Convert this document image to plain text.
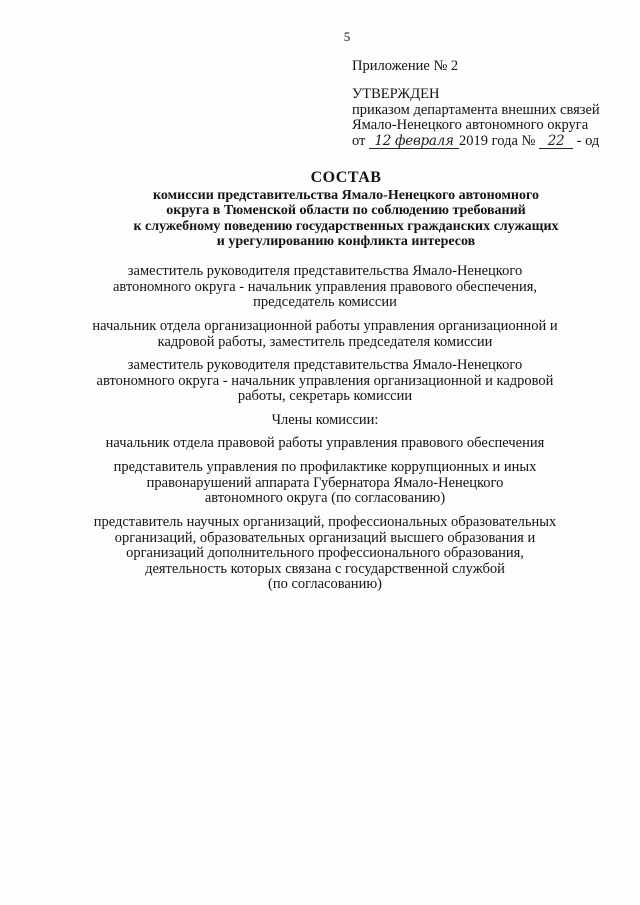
5
Приложение № 2
УТВЕРЖДЕН
приказом департамента внешних связей
Ямало-Ненецкого автономного округа
от 12 февраля 2019 года № 22 - од
СОСТАВ
комиссии представительства Ямало-Ненецкого автономного
округа в Тюменской области по соблюдению требований
к служебному поведению государственных гражданских служащих
и урегулированию конфликта интересов
заместитель руководителя представительства Ямало-Ненецкого
автономного округа - начальник управления правового обеспечения,
председатель комиссии
начальник отдела организационной работы управления организационной и
кадровой работы, заместитель председателя комиссии
заместитель руководителя представительства Ямало-Ненецкого
автономного округа - начальник управления организационной и кадровой
работы, секретарь комиссии
Члены комиссии:
начальник отдела правовой работы управления правового обеспечения
представитель управления по профилактике коррупционных и иных
правонарушений аппарата Губернатора Ямало-Ненецкого
автономного округа (по согласованию)
представитель научных организаций, профессиональных образовательных
организаций, образовательных организаций высшего образования и
организаций дополнительного профессионального образования,
деятельность которых связана с государственной службой
(по согласованию)
